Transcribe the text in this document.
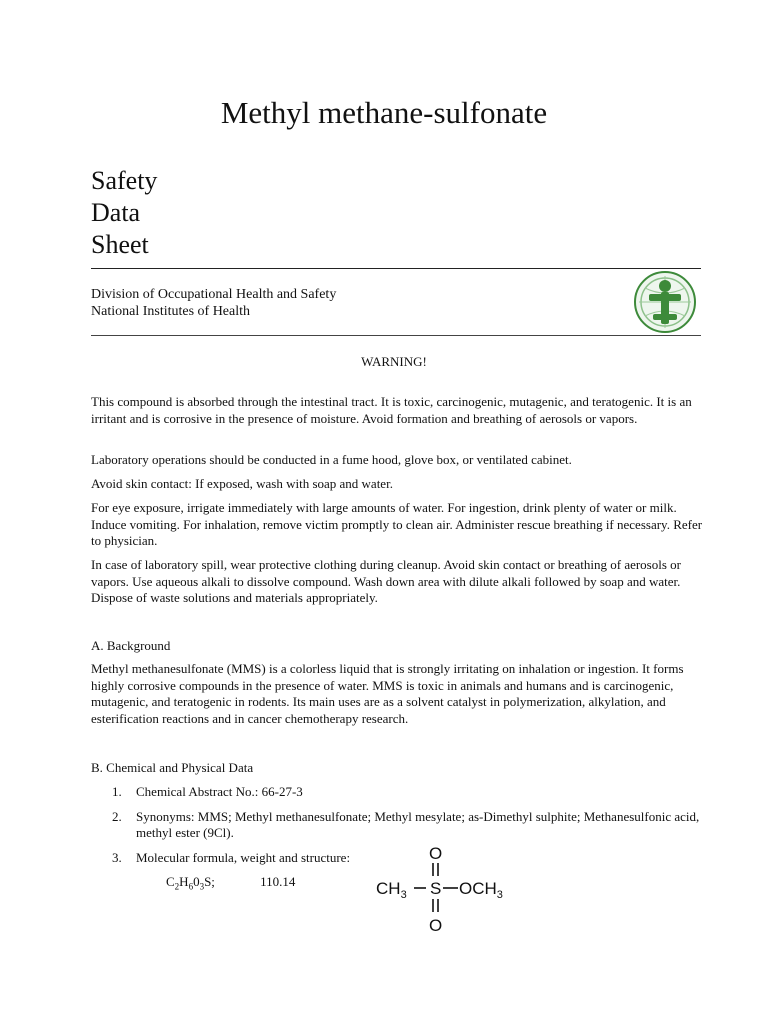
Methyl methane-sulfonate
Safety
Data
Sheet
Division of Occupational Health and Safety
National Institutes of Health
WARNING!
This compound is absorbed through the intestinal tract. It is toxic, carcinogenic, mutagenic, and teratogenic. It is an irritant and is corrosive in the presence of moisture. Avoid formation and breathing of aerosols or vapors.
Laboratory operations should be conducted in a fume hood, glove box, or ventilated cabinet.
Avoid skin contact: If exposed, wash with soap and water.
For eye exposure, irrigate immediately with large amounts of water. For ingestion, drink plenty of water or milk. Induce vomiting. For inhalation, remove victim promptly to clean air. Administer rescue breathing if necessary. Refer to physician.
In case of laboratory spill, wear protective clothing during cleanup. Avoid skin contact or breathing of aerosols or vapors. Use aqueous alkali to dissolve compound. Wash down area with dilute alkali followed by soap and water. Dispose of waste solutions and materials appropriately.
A. Background
Methyl methanesulfonate (MMS) is a colorless liquid that is strongly irritating on inhalation or ingestion. It forms highly corrosive compounds in the presence of water. MMS is toxic in animals and humans and is carcinogenic, mutagenic, and teratogenic in rodents. Its main uses are as a solvent catalyst in polymerization, alkylation, and esterification reactions and in cancer chemotherapy research.
B. Chemical and Physical Data
1.	Chemical Abstract No.: 66-27-3
2.	Synonyms: MMS; Methyl methanesulfonate; Methyl mesylate; as-Dimethyl sulphite; Methanesulfonic acid, methyl ester (9Cl).
3.	Molecular formula, weight and structure:
$C_2H_60_3S$;	110.14
O
$CH_3$ S $OCH_3$
O
